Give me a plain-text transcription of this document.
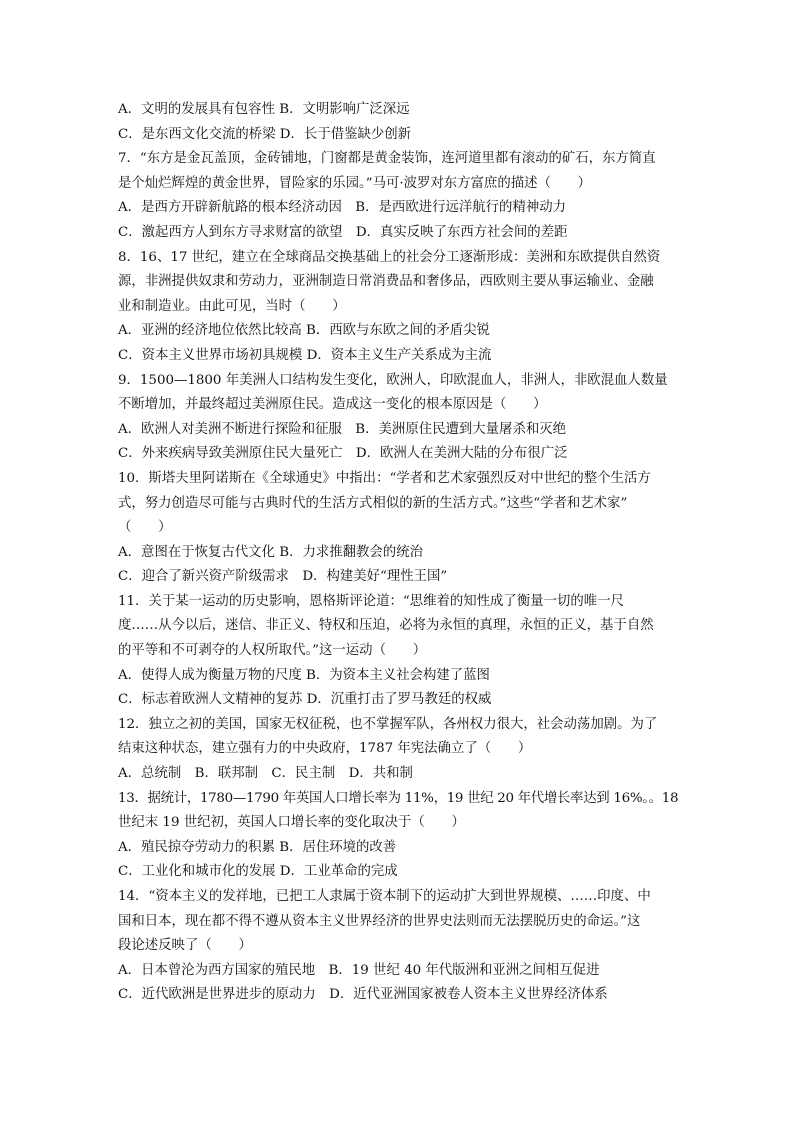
A．文明的发展具有包容性 B．文明影响广泛深远
C．是东西文化交流的桥梁 D．长于借鉴缺少创新
7．“东方是金瓦盖顶，金砖铺地，门窗都是黄金装饰，连河道里都有滚动的矿石，东方简直
是个灿烂辉煌的黄金世界，冒险家的乐园。”马可·波罗对东方富庶的描述（　　）
A．是西方开辟新航路的根本经济动因　B．是西欧进行远洋航行的精神动力
C．激起西方人到东方寻求财富的欲望　D．真实反映了东西方社会间的差距
8．16、17 世纪，建立在全球商品交换基础上的社会分工逐渐形成：美洲和东欧提供自然资
源，非洲提供奴隶和劳动力，亚洲制造日常消费品和奢侈品，西欧则主要从事运输业、金融
业和制造业。由此可见，当时（　　）
A．亚洲的经济地位依然比较高 B．西欧与东欧之间的矛盾尖锐
C．资本主义世界市场初具规模 D．资本主义生产关系成为主流
9．1500—1800 年美洲人口结构发生变化，欧洲人，印欧混血人，非洲人，非欧混血人数量
不断增加，并最终超过美洲原住民。造成这一变化的根本原因是（　　）
A．欧洲人对美洲不断进行探险和征服　B．美洲原住民遭到大量屠杀和灭绝
C．外来疾病导致美洲原住民大量死亡　D．欧洲人在美洲大陆的分布很广泛
10．斯塔夫里阿诺斯在《全球通史》中指出：“学者和艺术家强烈反对中世纪的整个生活方
式，努力创造尽可能与古典时代的生活方式相似的新的生活方式。”这些“学者和艺术家”
（　　）
A．意图在于恢复古代文化 B．力求推翻教会的统治
C．迎合了新兴资产阶级需求　D．构建美好“理性王国”
11．关于某一运动的历史影响，恩格斯评论道：“思维着的知性成了衡量一切的唯一尺
度……从今以后，迷信、非正义、特权和压迫，必将为永恒的真理，永恒的正义，基于自然
的平等和不可剥夺的人权所取代。”这一运动（　　）
A．使得人成为衡量万物的尺度 B．为资本主义社会构建了蓝图
C．标志着欧洲人文精神的复苏 D．沉重打击了罗马教廷的权威
12．独立之初的美国，国家无权征税，也不掌握军队，各州权力很大，社会动荡加剧。为了
结束这种状态，建立强有力的中央政府，1787 年宪法确立了（　　）
A．总统制　B．联邦制　C．民主制　D．共和制
13．据统计，1780—1790 年英国人口增长率为 11%，19 世纪 20 年代增长率达到 16%。。18
世纪末 19 世纪初，英国人口增长率的变化取决于（　　）
A．殖民掠夺劳动力的积累 B．居住环境的改善
C．工业化和城市化的发展 D．工业革命的完成
14．“资本主义的发祥地，已把工人隶属于资本制下的运动扩大到世界规模、……印度、中
国和日本，现在都不得不遵从资本主义世界经济的世界史法则而无法摆脱历史的命运。”这
段论述反映了（　　）
A．日本曾沦为西方国家的殖民地　B．19 世纪 40 年代版洲和亚洲之间相互促进
C．近代欧洲是世界进步的原动力　D．近代亚洲国家被卷人资本主义世界经济体系
